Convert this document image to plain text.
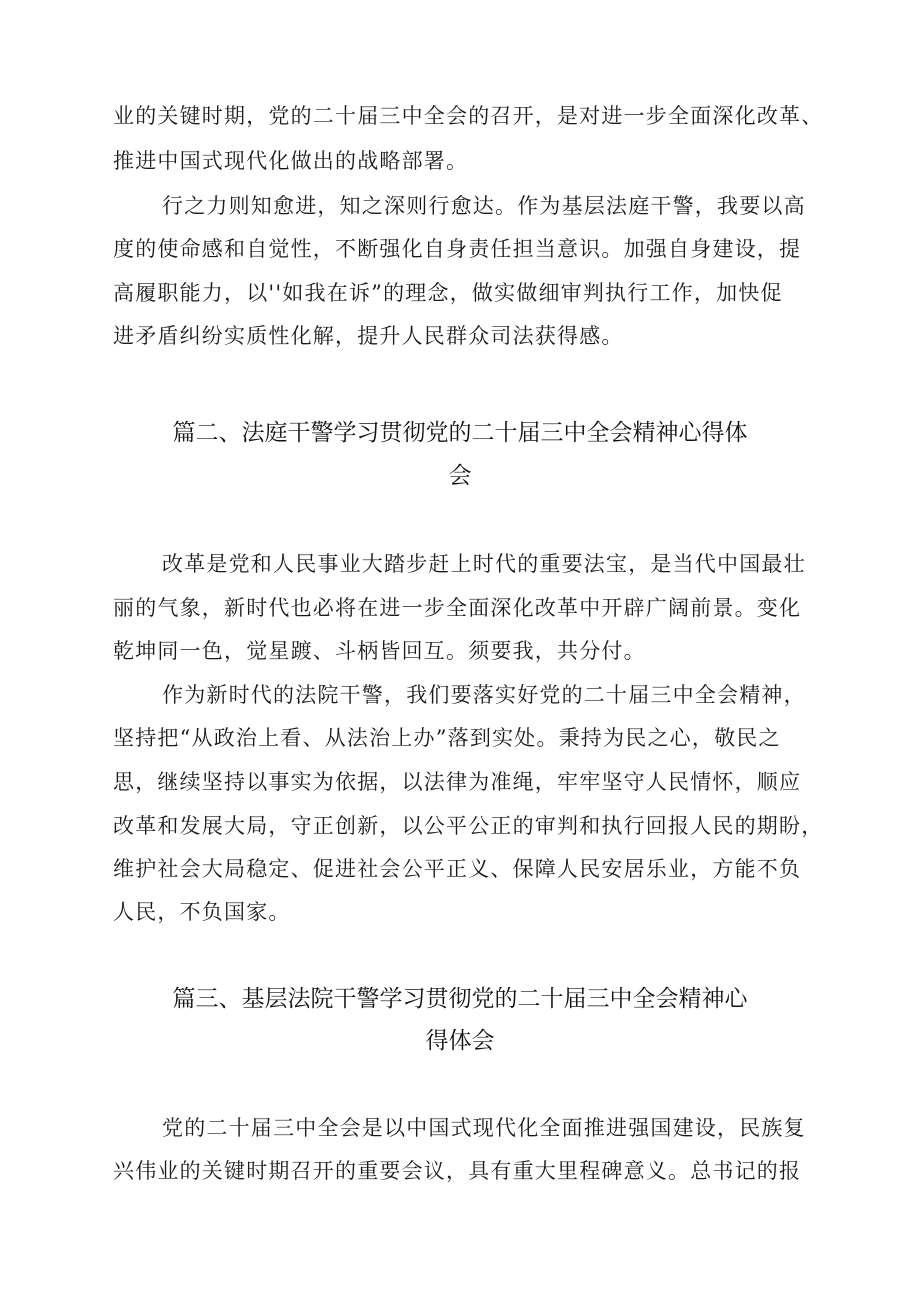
业的关键时期，党的二十届三中全会的召开，是对进一步全面深化改革、
推进中国式现代化做出的战略部署。
行之力则知愈进，知之深则行愈达。作为基层法庭干警，我要以高
度的使命感和自觉性，不断强化自身责任担当意识。加强自身建设，提
高履职能力，以''如我在诉”的理念，做实做细审判执行工作，加快促
进矛盾纠纷实质性化解，提升人民群众司法获得感。
篇二、法庭干警学习贯彻党的二十届三中全会精神心得体
会
改革是党和人民事业大踏步赶上时代的重要法宝，是当代中国最壮
丽的气象，新时代也必将在进一步全面深化改革中开辟广阔前景。变化
乾坤同一色，觉星踱、斗柄皆回互。须要我，共分付。
作为新时代的法院干警，我们要落实好党的二十届三中全会精神，
坚持把“从政治上看、从法治上办”落到实处。秉持为民之心，敬民之
思，继续坚持以事实为依据，以法律为准绳，牢牢坚守人民情怀，顺应
改革和发展大局，守正创新，以公平公正的审判和执行回报人民的期盼，
维护社会大局稳定、促进社会公平正义、保障人民安居乐业，方能不负
人民，不负国家。
篇三、基层法院干警学习贯彻党的二十届三中全会精神心
得体会
党的二十届三中全会是以中国式现代化全面推进强国建设，民族复
兴伟业的关键时期召开的重要会议，具有重大里程碑意义。总书记的报
